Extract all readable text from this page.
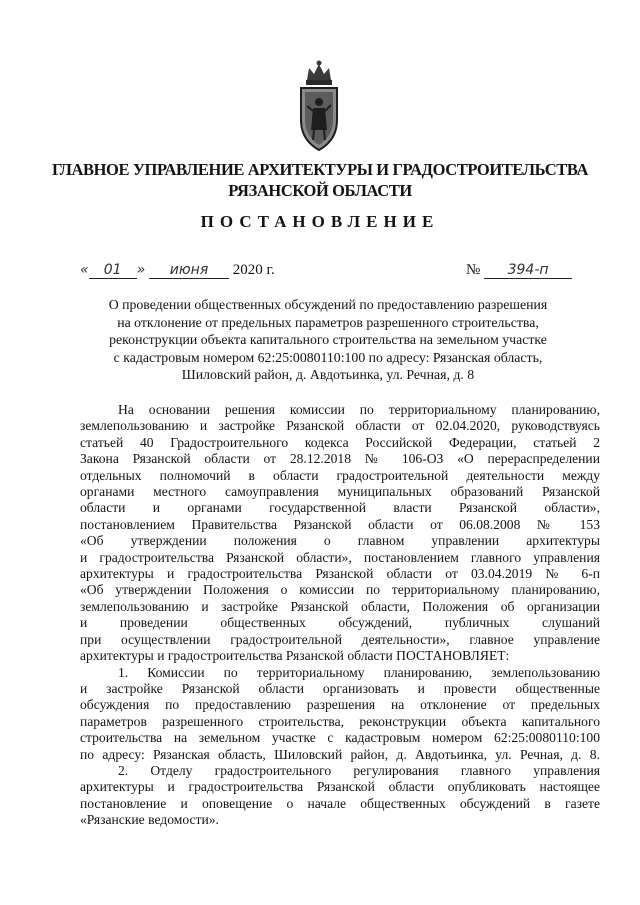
ГЛАВНОЕ УПРАВЛЕНИЕ АРХИТЕКТУРЫ И ГРАДОСТРОИТЕЛЬСТВА
РЯЗАНСКОЙ ОБЛАСТИ
ПОСТАНОВЛЕНИЕ
« 01 » июня 2020 г.	№ 394-п
О проведении общественных обсуждений по предоставлению разрешения
на отклонение от предельных параметров разрешенного строительства,
реконструкции объекта капитального строительства на земельном участке
с кадастровым номером 62:25:0080110:100 по адресу: Рязанская область,
Шиловский район, д. Авдотьинка, ул. Речная, д. 8
На основании решения комиссии по территориальному планированию,
землепользованию и застройке Рязанской области от 02.04.2020, руководствуясь
статьей 40 Градостроительного кодекса Российской Федерации, статьей 2
Закона Рязанской области от 28.12.2018 № 106-ОЗ «О перераспределении
отдельных полномочий в области градостроительной деятельности между
органами местного самоуправления муниципальных образований Рязанской
области и органами государственной власти Рязанской области»,
постановлением Правительства Рязанской области от 06.08.2008 № 153
«Об утверждении положения о главном управлении архитектуры
и градостроительства Рязанской области», постановлением главного управления
архитектуры и градостроительства Рязанской области от 03.04.2019 № 6-п
«Об утверждении Положения о комиссии по территориальному планированию,
землепользованию и застройке Рязанской области, Положения об организации
и проведении общественных обсуждений, публичных слушаний
при осуществлении градостроительной деятельности», главное управление
архитектуры и градостроительства Рязанской области ПОСТАНОВЛЯЕТ:
1. Комиссии по территориальному планированию, землепользованию
и застройке Рязанской области организовать и провести общественные
обсуждения по предоставлению разрешения на отклонение от предельных
параметров разрешенного строительства, реконструкции объекта капитального
строительства на земельном участке с кадастровым номером 62:25:0080110:100
по адресу: Рязанская область, Шиловский район, д. Авдотьинка, ул. Речная, д. 8.
2. Отделу градостроительного регулирования главного управления
архитектуры и градостроительства Рязанской области опубликовать настоящее
постановление и оповещение о начале общественных обсуждений в газете
«Рязанские ведомости».
